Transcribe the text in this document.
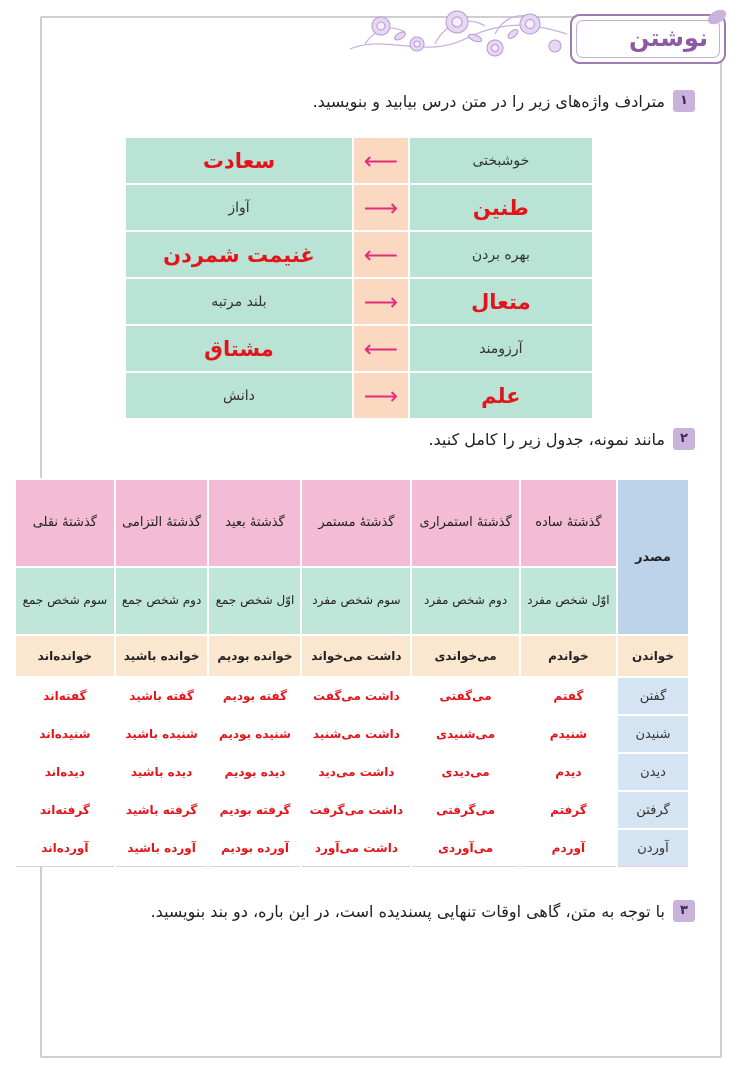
نوشتن
۱
مترادف واژه‌های زیر را در متن درس بیابید و بنویسید.
خوشبختی	⟵	سعادت
طنین	⟶	آواز
بهره بردن	⟵	غنیمت شمردن
متعال	⟶	بلند مرتبه
آرزومند	⟵	مشتاق
علم	⟶	دانش
۲
مانند نمونه، جدول زیر را کامل کنید.
مصدر	گذشتۀ ساده	گذشتۀ استمراری	گذشتۀ مستمر	گذشتۀ بعید	گذشتۀ التزامی	گذشتۀ نقلی
	اوّل شخص مفرد	دوم شخص مفرد	سوم شخص مفرد	اوّل شخص جمع	دوم شخص جمع	سوم شخص جمع
خواندن	خواندم	می‌خواندی	داشت می‌خواند	خوانده بودیم	خوانده باشید	خوانده‌اند
گفتن	گفتم	می‌گفتی	داشت می‌گفت	گفته بودیم	گفته باشید	گفته‌اند
شنیدن	شنیدم	می‌شنیدی	داشت می‌شنید	شنیده بودیم	شنیده باشید	شنیده‌اند
دیدن	دیدم	می‌دیدی	داشت می‌دید	دیده بودیم	دیده باشید	دیده‌اند
گرفتن	گرفتم	می‌گرفتی	داشت می‌گرفت	گرفته بودیم	گرفته باشید	گرفته‌اند
آوردن	آوردم	می‌آوردی	داشت می‌آورد	آورده بودیم	آورده باشید	آورده‌اند
۳
با توجه به متن، گاهی اوقات تنهایی پسندیده است، در این باره، دو بند بنویسید.
